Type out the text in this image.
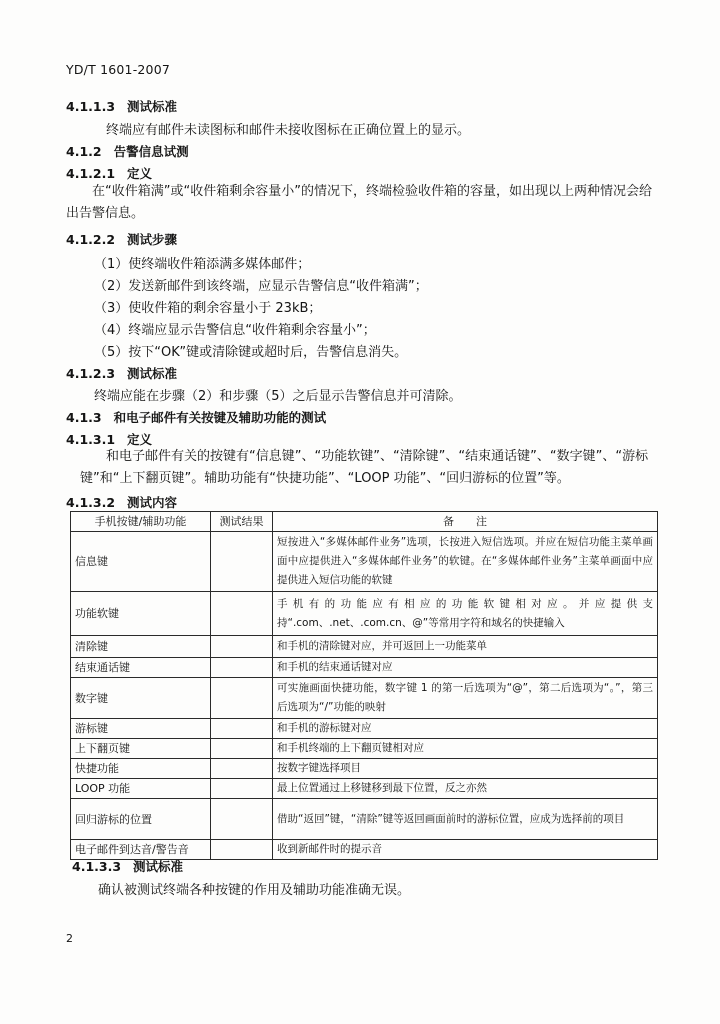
YD/T 1601-2007
4.1.1.3 测试标准
终端应有邮件未读图标和邮件未接收图标在正确位置上的显示。
4.1.2 告警信息试测
4.1.2.1 定义
在“收件箱满”或“收件箱剩余容量小”的情况下，终端检验收件箱的容量，如出现以上两种情况会给出告警信息。
4.1.2.2 测试步骤
（1）使终端收件箱添满多媒体邮件；
（2）发送新邮件到该终端，应显示告警信息“收件箱满”；
（3）使收件箱的剩余容量小于 23kB；
（4）终端应显示告警信息“收件箱剩余容量小”；
（5）按下“OK”键或清除键或超时后，告警信息消失。
4.1.2.3 测试标准
终端应能在步骤（2）和步骤（5）之后显示告警信息并可清除。
4.1.3 和电子邮件有关按键及辅助功能的测试
4.1.3.1 定义
和电子邮件有关的按键有“信息键”、“功能软键”、“清除键”、“结束通话键”、“数字键”、“游标键”和“上下翻页键”。辅助功能有“快捷功能”、“LOOP 功能”、“回归游标的位置”等。
4.1.3.2 测试内容
手机按键/辅助功能	测试结果	备　　注
信息键		短按进入“多媒体邮件业务”选项，长按进入短信选项。并应在短信功能主菜单画面中应提供进入“多媒体邮件业务”的软键。在“多媒体邮件业务”主菜单画面中应提供进入短信功能的软键
功能软键		手机有的功能应有相应的功能软键相对应。并应提供支持“.com、.net、.com.cn、@”等常用字符和域名的快捷输入
清除键		和手机的清除键对应，并可返回上一功能菜单
结束通话键		和手机的结束通话键对应
数字键		可实施画面快捷功能，数字键 1 的第一后选项为“@”，第二后选项为“。”，第三后选项为“/”功能的映射
游标键		和手机的游标键对应
上下翻页键		和手机终端的上下翻页键相对应
快捷功能		按数字键选择项目
LOOP 功能		最上位置通过上移键移到最下位置，反之亦然
回归游标的位置		借助“返回”键，“清除”键等返回画面前时的游标位置，应成为选择前的项目
电子邮件到达音/警告音		收到新邮件时的提示音
4.1.3.3 测试标准
确认被测试终端各种按键的作用及辅助功能准确无误。
2
